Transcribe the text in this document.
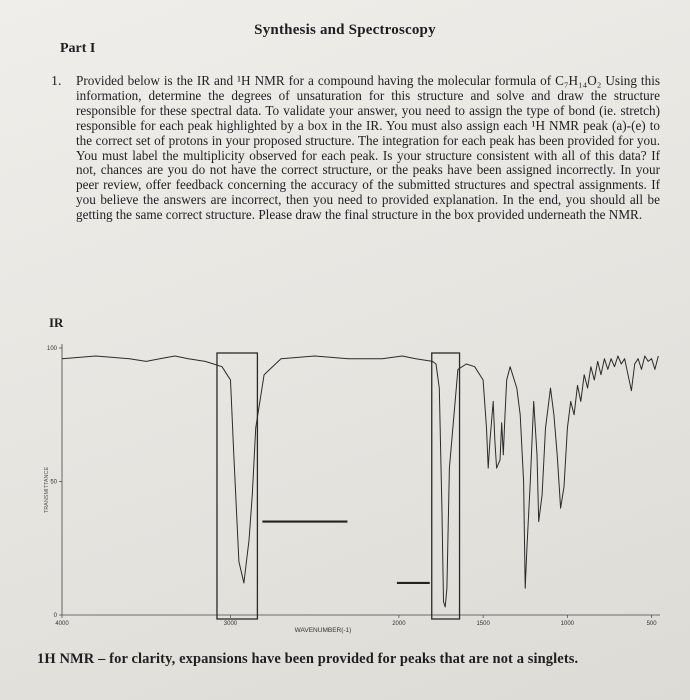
Synthesis and Spectroscopy
Part I
1. Provided below is the IR and ¹H NMR for a compound having the molecular formula of C₇H₁₄O₂ Using this information, determine the degrees of unsaturation for this structure and solve and draw the structure responsible for these spectral data. To validate your answer, you need to assign the type of bond (ie. stretch) responsible for each peak highlighted by a box in the IR. You must also assign each ¹H NMR peak (a)-(e) to the correct set of protons in your proposed structure. The integration for each peak has been provided for you. You must label the multiplicity observed for each peak. Is your structure consistent with all of this data? If not, chances are you do not have the correct structure, or the peaks have been assigned incorrectly. In your peer review, offer feedback concerning the accuracy of the submitted structures and spectral assignments. If you believe the answers are incorrect, then you need to provided explanation. In the end, you should all be getting the same correct structure. Please draw the final structure in the box provided underneath the NMR.

IR
WAVENUMBER(-1)
TRANSMITTANCE
0
50
100
4000	3000	2000	1500	1000	500
1H NMR – for clarity, expansions have been provided for peaks that are not a singlets.
